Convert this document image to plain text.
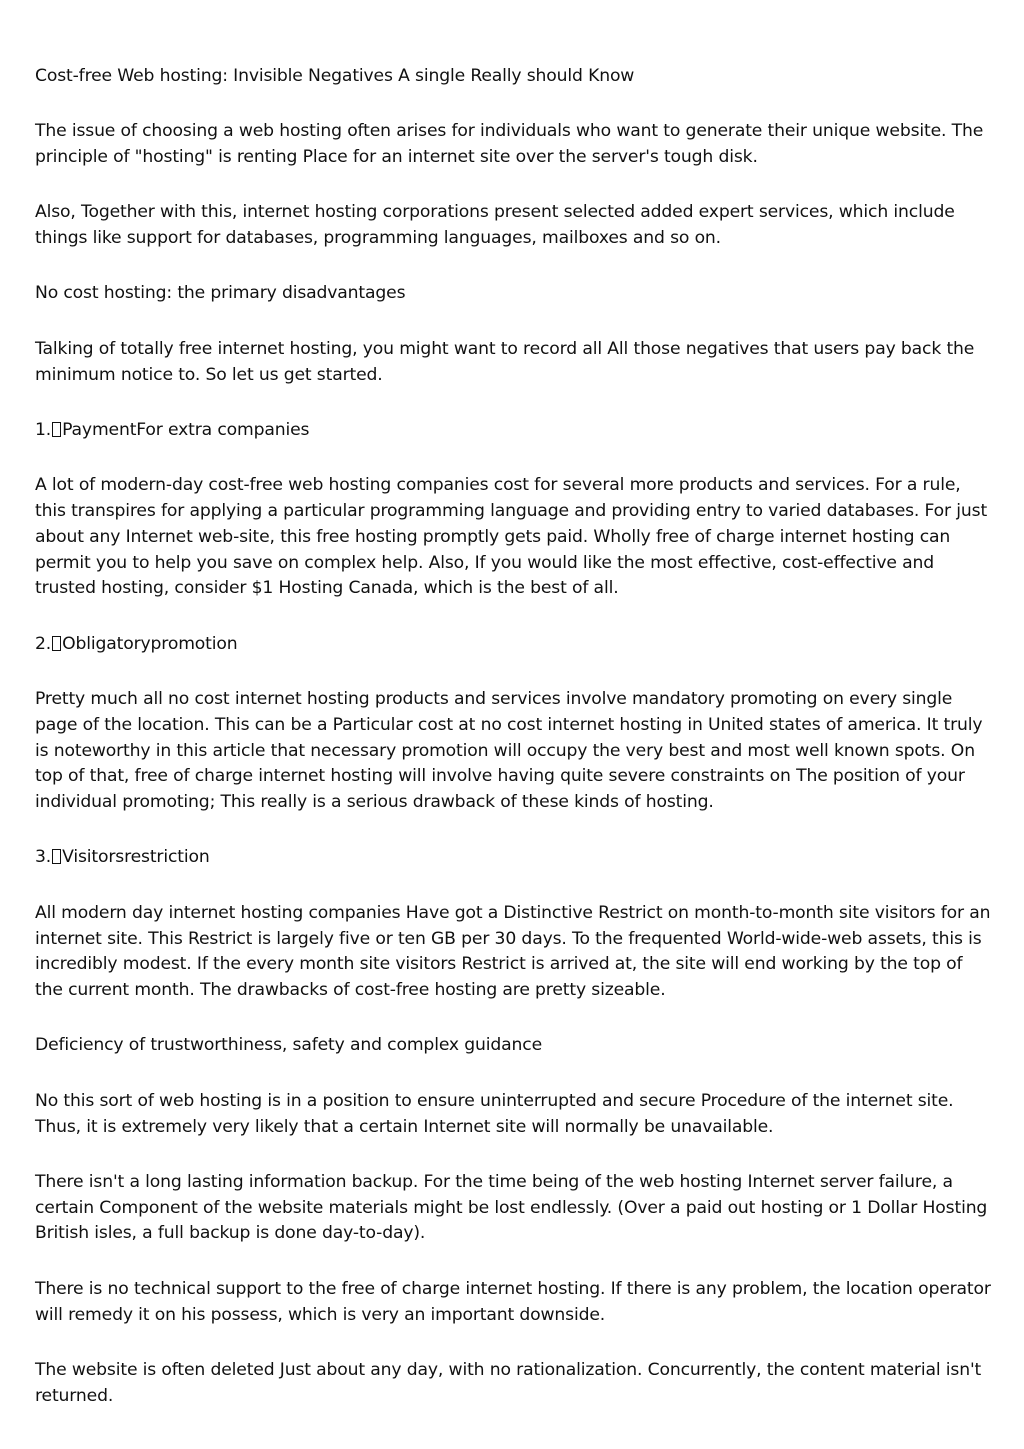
Cost-free Web hosting: Invisible Negatives A single Really should Know

The issue of choosing a web hosting often arises for individuals who want to generate their unique website. The principle of "hosting" is renting Place for an internet site over the server's tough disk.

Also, Together with this, internet hosting corporations present selected added expert services, which include things like support for databases, programming languages, mailboxes and so on.

No cost hosting: the primary disadvantages

Talking of totally free internet hosting, you might want to record all All those negatives that users pay back the minimum notice to. So let us get started.

1. PaymentFor extra companies

A lot of modern-day cost-free web hosting companies cost for several more products and services. For a rule, this transpires for applying a particular programming language and providing entry to varied databases. For just about any Internet web-site, this free hosting promptly gets paid. Wholly free of charge internet hosting can permit you to help you save on complex help. Also, If you would like the most effective, cost-effective and trusted hosting, consider $1 Hosting Canada, which is the best of all.

2. Obligatorypromotion

Pretty much all no cost internet hosting products and services involve mandatory promoting on every single page of the location. This can be a Particular cost at no cost internet hosting in United states of america. It truly is noteworthy in this article that necessary promotion will occupy the very best and most well known spots. On top of that, free of charge internet hosting will involve having quite severe constraints on The position of your individual promoting; This really is a serious drawback of these kinds of hosting.

3. Visitorsrestriction

All modern day internet hosting companies Have got a Distinctive Restrict on month-to-month site visitors for an internet site. This Restrict is largely five or ten GB per 30 days. To the frequented World-wide-web assets, this is incredibly modest. If the every month site visitors Restrict is arrived at, the site will end working by the top of the current month. The drawbacks of cost-free hosting are pretty sizeable.

Deficiency of trustworthiness, safety and complex guidance

No this sort of web hosting is in a position to ensure uninterrupted and secure Procedure of the internet site. Thus, it is extremely very likely that a certain Internet site will normally be unavailable.

There isn't a long lasting information backup. For the time being of the web hosting Internet server failure, a certain Component of the website materials might be lost endlessly. (Over a paid out hosting or 1 Dollar Hosting British isles, a full backup is done day-to-day).

There is no technical support to the free of charge internet hosting. If there is any problem, the location operator will remedy it on his possess, which is very an important downside.

The website is often deleted Just about any day, with no rationalization. Concurrently, the content material isn't returned.
